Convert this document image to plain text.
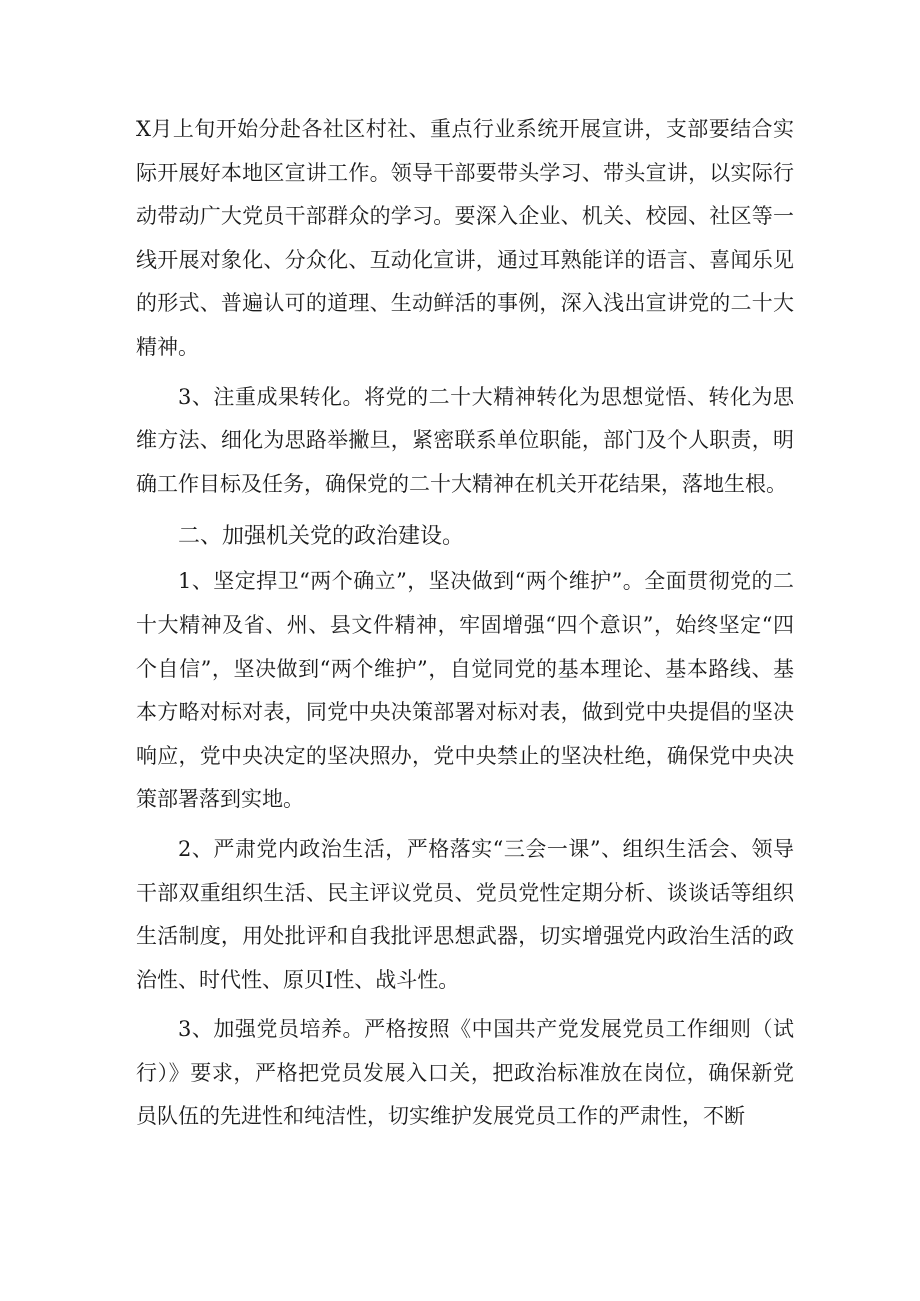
X月上旬开始分赴各社区村社、重点行业系统开展宣讲，支部要结合实际开展好本地区宣讲工作。领导干部要带头学习、带头宣讲，以实际行动带动广大党员干部群众的学习。要深入企业、机关、校园、社区等一线开展对象化、分众化、互动化宣讲，通过耳熟能详的语言、喜闻乐见的形式、普遍认可的道理、生动鲜活的事例，深入浅出宣讲党的二十大精神。

3、注重成果转化。将党的二十大精神转化为思想觉悟、转化为思维方法、细化为思路举撇旦，紧密联系单位职能，部门及个人职责，明确工作目标及任务，确保党的二十大精神在机关开花结果，落地生根。

二、加强机关党的政治建设。

1、坚定捍卫“两个确立”，坚决做到“两个维护”。全面贯彻党的二十大精神及省、州、县文件精神，牢固增强“四个意识”，始终坚定“四个自信”，坚决做到“两个维护”，自觉同党的基本理论、基本路线、基本方略对标对表，同党中央决策部署对标对表，做到党中央提倡的坚决响应，党中央决定的坚决照办，党中央禁止的坚决杜绝，确保党中央决策部署落到实地。

2、严肃党内政治生活，严格落实“三会一课”、组织生活会、领导干部双重组织生活、民主评议党员、党员党性定期分析、谈谈话等组织生活制度，用处批评和自我批评思想武器，切实增强党内政治生活的政治性、时代性、原贝I性、战斗性。

3、加强党员培养。严格按照《中国共产党发展党员工作细则（试行）》要求，严格把党员发展入口关，把政治标准放在岗位，确保新党员队伍的先进性和纯洁性，切实维护发展党员工作的严肃性，不断
